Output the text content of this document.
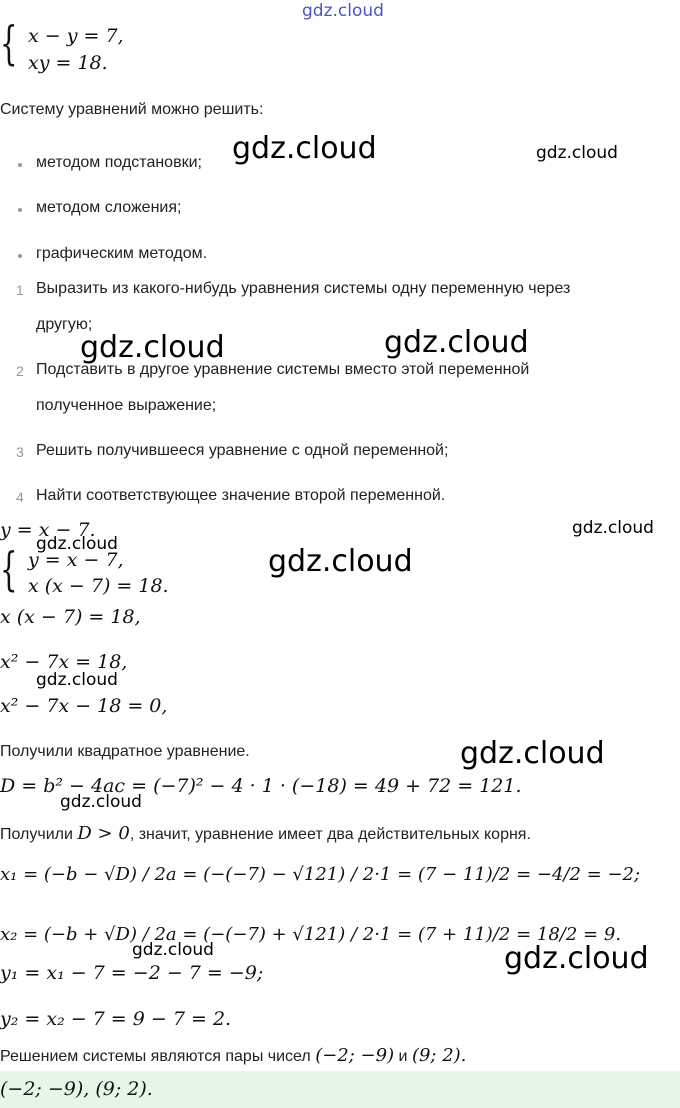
gdz.cloud
{ x − y = 7,
xy = 18.
Систему уравнений можно решить:
методом подстановки;
методом сложения;
графическим методом.
1 Выразить из какого-нибудь уравнения системы одну переменную через
другую;
2 Подставить в другое уравнение системы вместо этой переменной
полученное выражение;
3 Решить получившееся уравнение с одной переменной;
4 Найти соответствующее значение второй переменной.
y = x − 7.
{ y = x − 7,
x (x − 7) = 18.
x (x − 7) = 18,
x² − 7x = 18,
x² − 7x − 18 = 0,
Получили квадратное уравнение.
D = b² − 4ac = (−7)² − 4 · 1 · (−18) = 49 + 72 = 121.
Получили D > 0, значит, уравнение имеет два действительных корня.
x₁ = (−b − √D) / 2a = (−(−7) − √121) / 2·1 = (7 − 11)/2 = −4/2 = −2;
x₂ = (−b + √D) / 2a = (−(−7) + √121) / 2·1 = (7 + 11)/2 = 18/2 = 9.
y₁ = x₁ − 7 = −2 − 7 = −9;
y₂ = x₂ − 7 = 9 − 7 = 2.
Решением системы являются пары чисел (−2; −9) и (9; 2).
(−2; −9), (9; 2).
gdz.cloud	gdz.cloud
gdz.cloud	gdz.cloud
gdz.cloud
gdz.cloud	gdz.cloud
gdz.cloud
gdz.cloud
gdz.cloud
gdz.cloud	gdz.cloud
